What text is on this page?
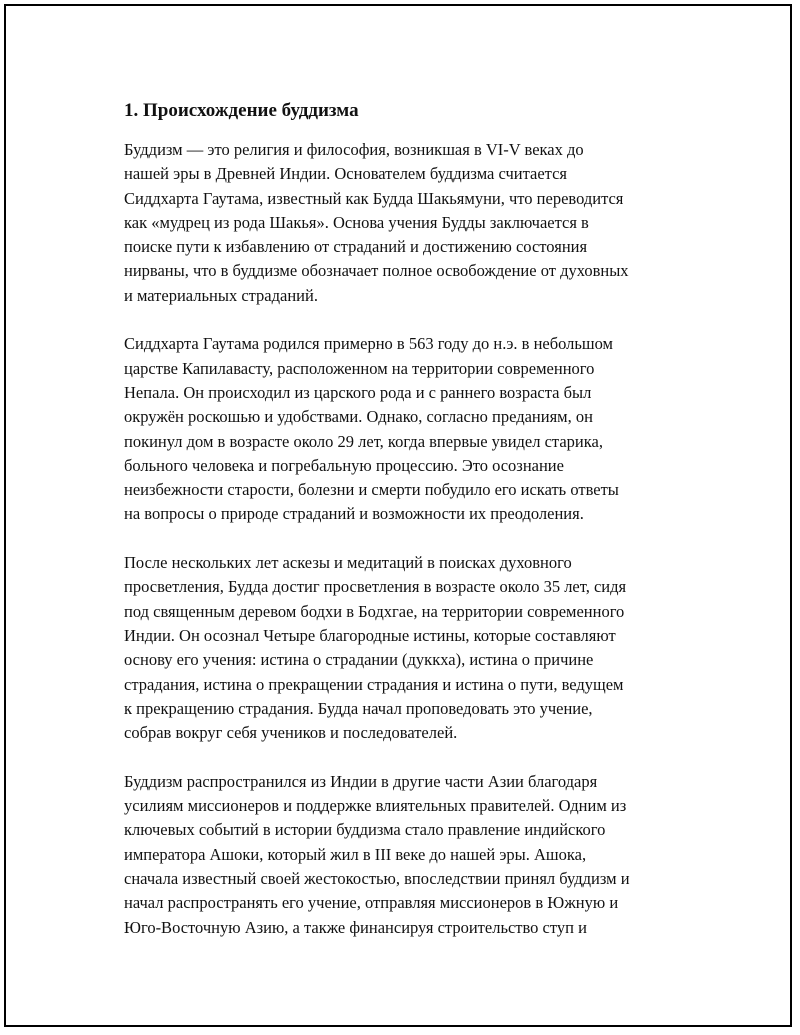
1. Происхождение буддизма

Буддизм — это религия и философия, возникшая в VI-V веках до
нашей эры в Древней Индии. Основателем буддизма считается
Сиддхарта Гаутама, известный как Будда Шакьямуни, что переводится
как «мудрец из рода Шакья». Основа учения Будды заключается в
поиске пути к избавлению от страданий и достижению состояния
нирваны, что в буддизме обозначает полное освобождение от духовных
и материальных страданий.

Сиддхарта Гаутама родился примерно в 563 году до н.э. в небольшом
царстве Капилавасту, расположенном на территории современного
Непала. Он происходил из царского рода и с раннего возраста был
окружён роскошью и удобствами. Однако, согласно преданиям, он
покинул дом в возрасте около 29 лет, когда впервые увидел старика,
больного человека и погребальную процессию. Это осознание
неизбежности старости, болезни и смерти побудило его искать ответы
на вопросы о природе страданий и возможности их преодоления.

После нескольких лет аскезы и медитаций в поисках духовного
просветления, Будда достиг просветления в возрасте около 35 лет, сидя
под священным деревом бодхи в Бодхгае, на территории современного
Индии. Он осознал Четыре благородные истины, которые составляют
основу его учения: истина о страдании (дуккха), истина о причине
страдания, истина о прекращении страдания и истина о пути, ведущем
к прекращению страдания. Будда начал проповедовать это учение,
собрав вокруг себя учеников и последователей.

Буддизм распространился из Индии в другие части Азии благодаря
усилиям миссионеров и поддержке влиятельных правителей. Одним из
ключевых событий в истории буддизма стало правление индийского
императора Ашоки, который жил в III веке до нашей эры. Ашока,
сначала известный своей жестокостью, впоследствии принял буддизм и
начал распространять его учение, отправляя миссионеров в Южную и
Юго-Восточную Азию, а также финансируя строительство ступ и
